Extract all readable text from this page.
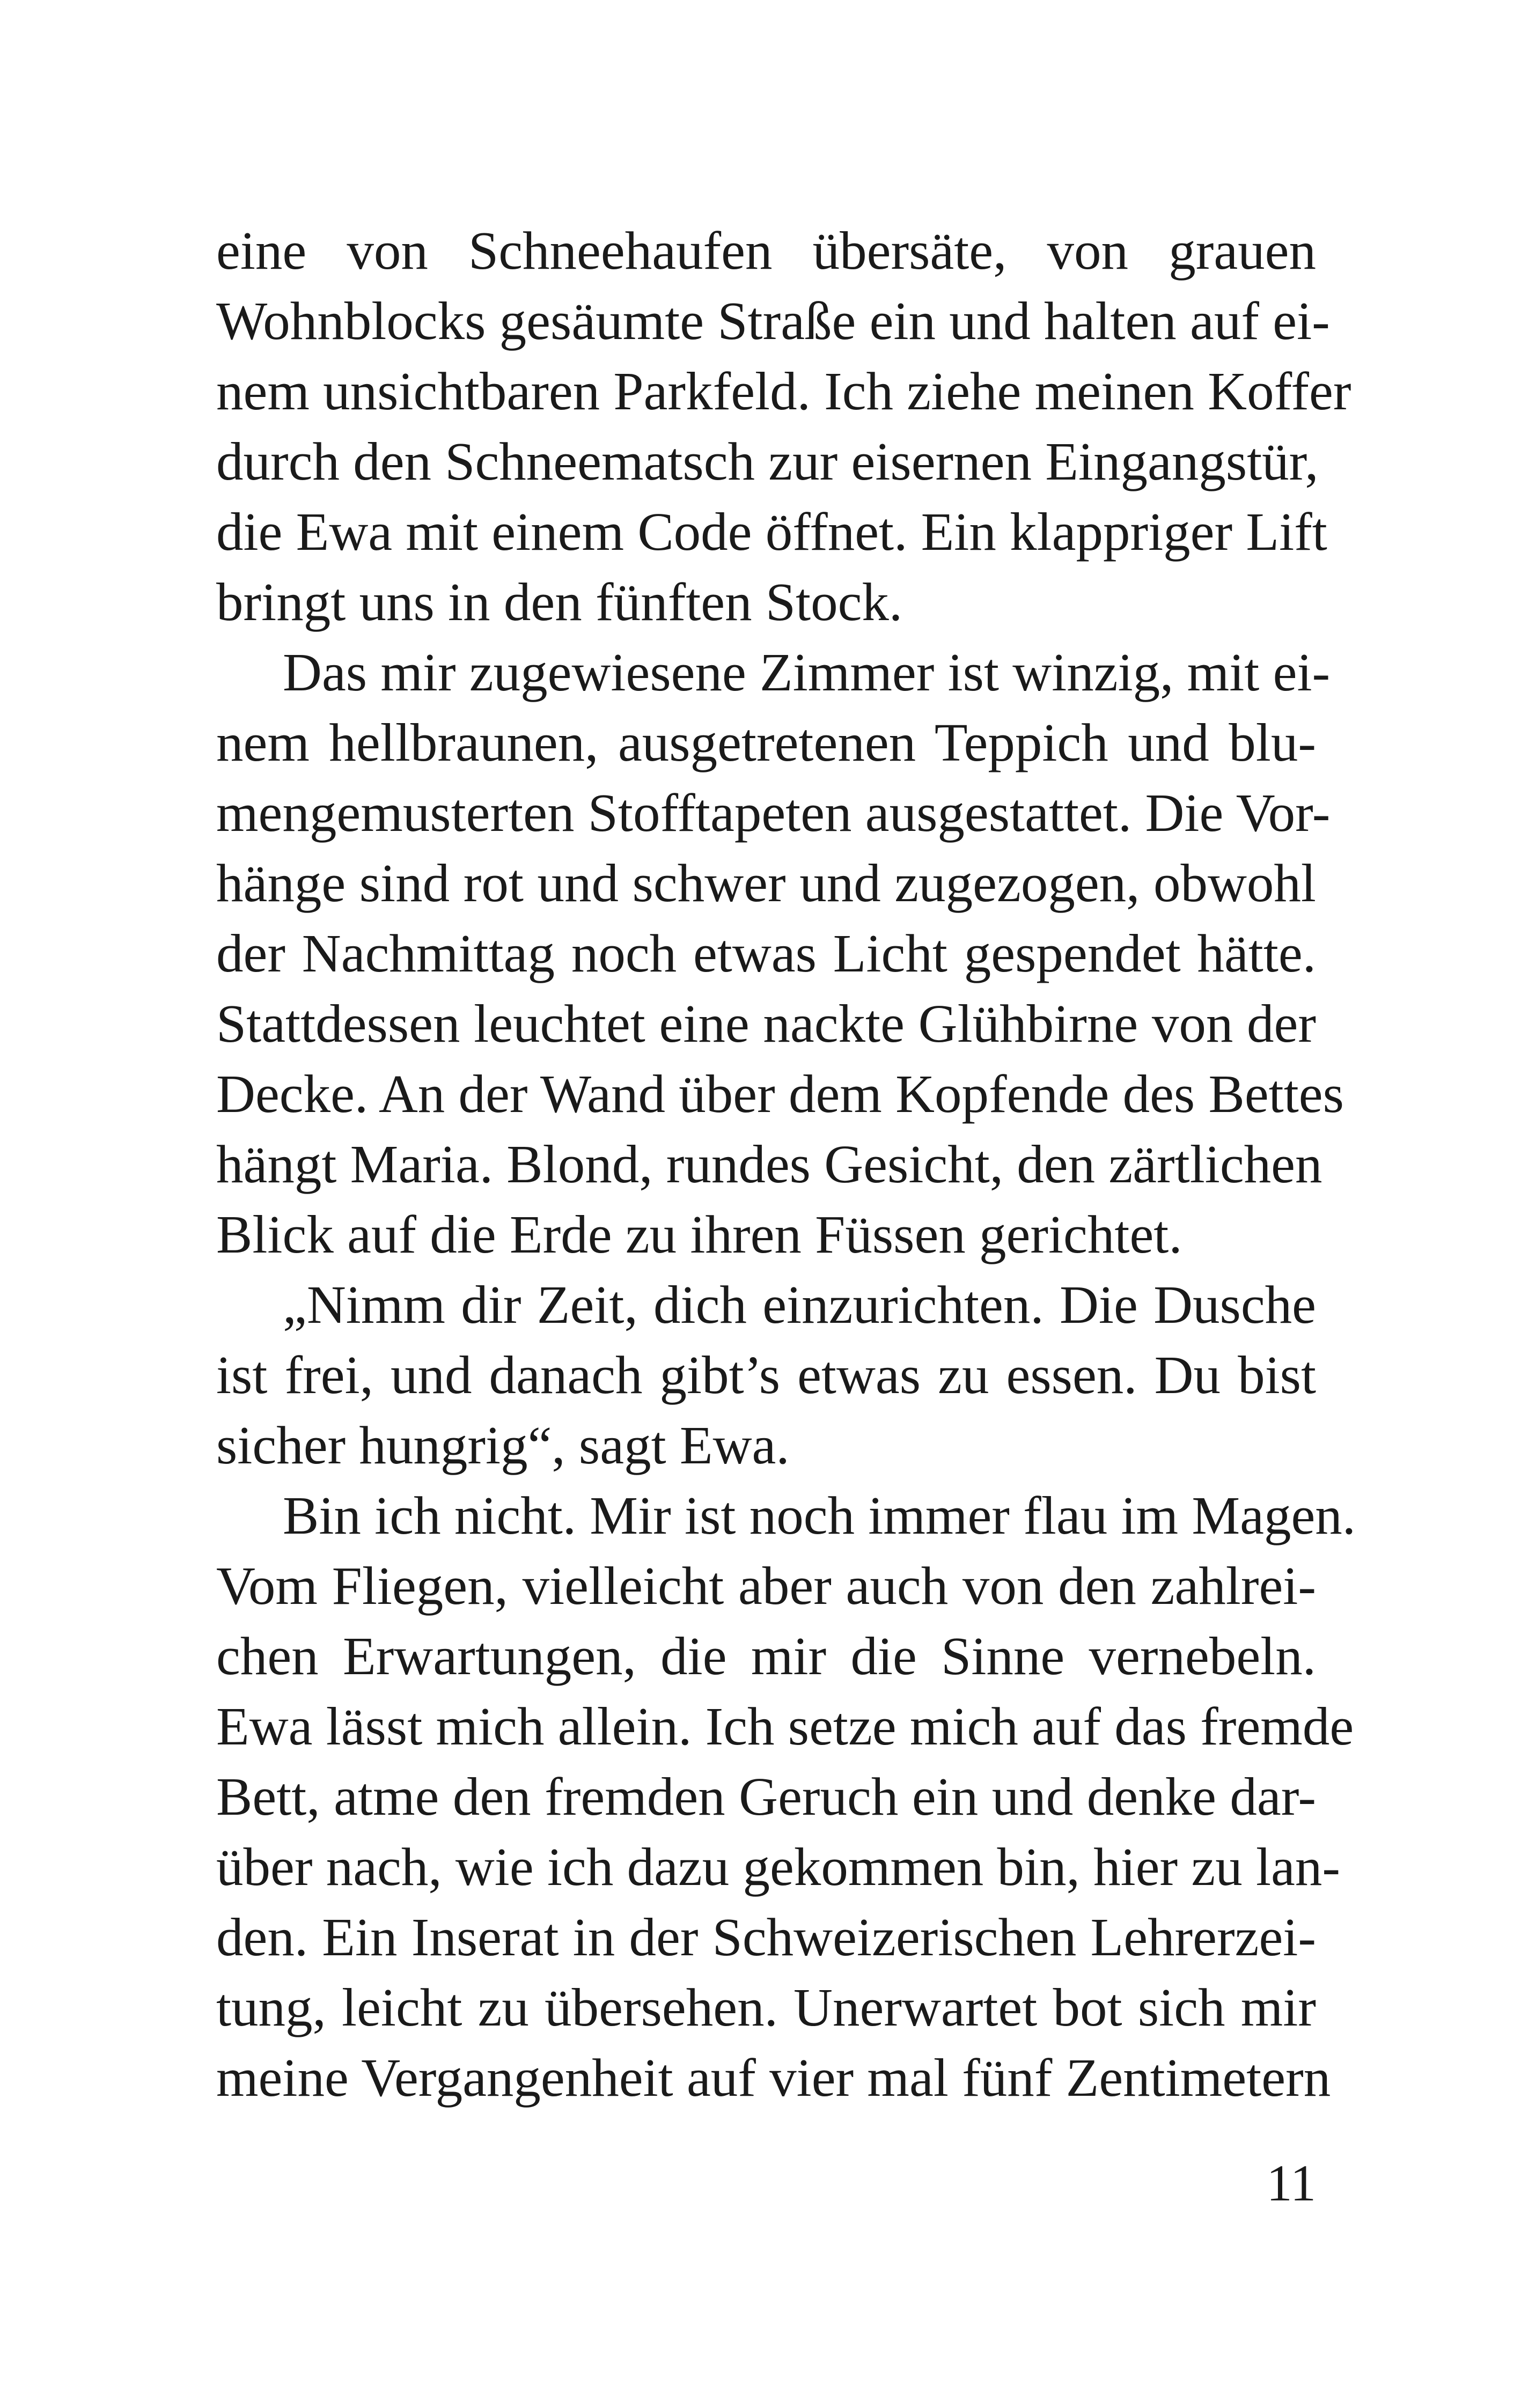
eine von Schneehaufen übersäte, von grauen
Wohnblocks gesäumte Straße ein und halten auf ei-
nem unsichtbaren Parkfeld. Ich ziehe meinen Koffer
durch den Schneematsch zur eisernen Eingangstür,
die Ewa mit einem Code öffnet. Ein klappriger Lift
bringt uns in den fünften Stock.
Das mir zugewiesene Zimmer ist winzig, mit ei-
nem hellbraunen, ausgetretenen Teppich und blu-
mengemusterten Stofftapeten ausgestattet. Die Vor-
hänge sind rot und schwer und zugezogen, obwohl
der Nachmittag noch etwas Licht gespendet hätte.
Stattdessen leuchtet eine nackte Glühbirne von der
Decke. An der Wand über dem Kopfende des Bettes
hängt Maria. Blond, rundes Gesicht, den zärtlichen
Blick auf die Erde zu ihren Füssen gerichtet.
„Nimm dir Zeit, dich einzurichten. Die Dusche
ist frei, und danach gibt’s etwas zu essen. Du bist
sicher hungrig“, sagt Ewa.
Bin ich nicht. Mir ist noch immer flau im Magen.
Vom Fliegen, vielleicht aber auch von den zahlrei-
chen Erwartungen, die mir die Sinne vernebeln.
Ewa lässt mich allein. Ich setze mich auf das fremde
Bett, atme den fremden Geruch ein und denke dar-
über nach, wie ich dazu gekommen bin, hier zu lan-
den. Ein Inserat in der Schweizerischen Lehrerzei-
tung, leicht zu übersehen. Unerwartet bot sich mir
meine Vergangenheit auf vier mal fünf Zentimetern
11
